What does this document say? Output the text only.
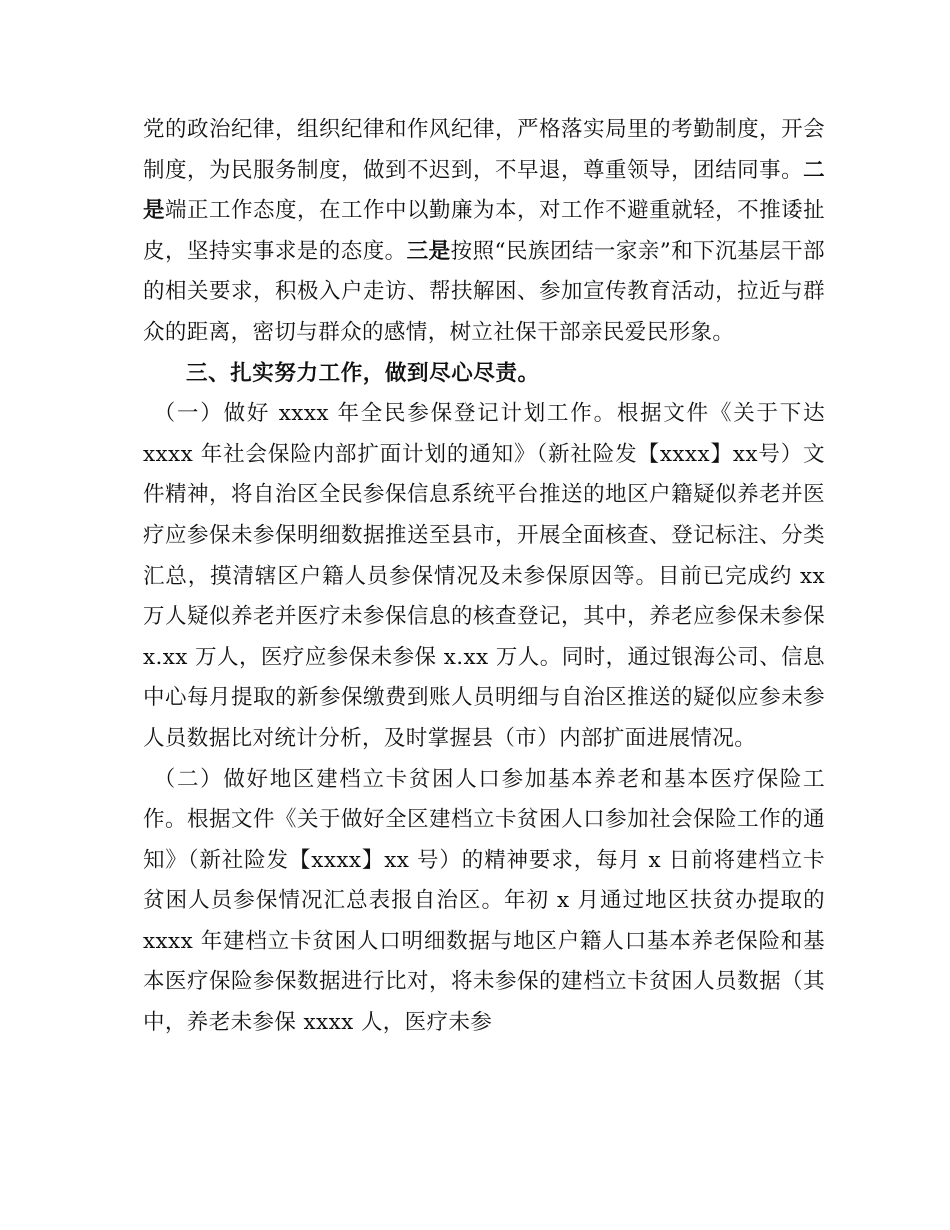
党的政治纪律，组织纪律和作风纪律，严格落实局里的考勤制度，开会制度，为民服务制度，做到不迟到，不早退，尊重领导，团结同事。二是端正工作态度，在工作中以勤廉为本，对工作不避重就轻，不推诿扯皮，坚持实事求是的态度。三是按照“民族团结一家亲”和下沉基层干部的相关要求，积极入户走访、帮扶解困、参加宣传教育活动，拉近与群众的距离，密切与群众的感情，树立社保干部亲民爱民形象。

三、扎实努力工作，做到尽心尽责。

（一）做好 xxxx 年全民参保登记计划工作。根据文件《关于下达 xxxx 年社会保险内部扩面计划的通知》（新社险发【xxxx】xx号）文件精神，将自治区全民参保信息系统平台推送的地区户籍疑似养老并医疗应参保未参保明细数据推送至县市，开展全面核查、登记标注、分类汇总，摸清辖区户籍人员参保情况及未参保原因等。目前已完成约 xx 万人疑似养老并医疗未参保信息的核查登记，其中，养老应参保未参保 x.xx 万人，医疗应参保未参保 x.xx 万人。同时，通过银海公司、信息中心每月提取的新参保缴费到账人员明细与自治区推送的疑似应参未参人员数据比对统计分析，及时掌握县（市）内部扩面进展情况。

（二）做好地区建档立卡贫困人口参加基本养老和基本医疗保险工作。根据文件《关于做好全区建档立卡贫困人口参加社会保险工作的通知》（新社险发【xxxx】xx 号）的精神要求，每月 x 日前将建档立卡贫困人员参保情况汇总表报自治区。年初 x 月通过地区扶贫办提取的 xxxx 年建档立卡贫困人口明细数据与地区户籍人口基本养老保险和基本医疗保险参保数据进行比对，将未参保的建档立卡贫困人员数据（其中，养老未参保 xxxx 人，医疗未参
